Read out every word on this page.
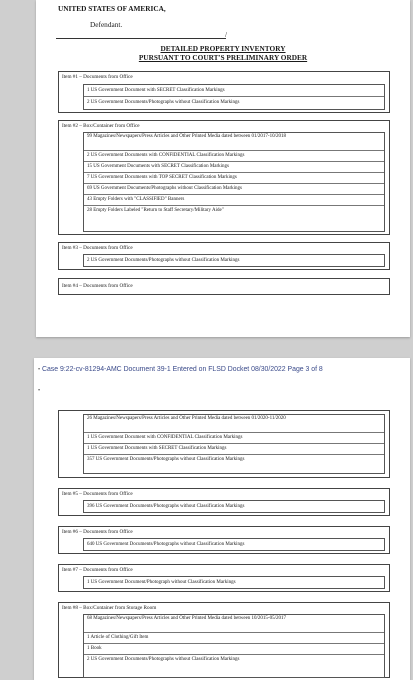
UNITED STATES OF AMERICA,
Defendant.
/
DETAILED PROPERTY INVENTORY
PURSUANT TO COURT'S PRELIMINARY ORDER
Item #1 – Documents from Office
1 US Government Document with SECRET Classification Markings
2 US Government Documents/Photographs without Classification Markings
Item #2 – Box/Container from Office
99 Magazines/Newspapers/Press Articles and Other Printed Media dated between 01/2017-10/2018
2 US Government Documents with CONFIDENTIAL Classification Markings
15 US Government Documents with SECRET Classification Markings
7 US Government Documents with TOP SECRET Classification Markings
69 US Government Documents/Photographs without Classification Markings
43 Empty Folders with "CLASSIFIED" Banners
28 Empty Folders Labeled "Return to Staff Secretary/Military Aide"
Item #3 – Documents from Office
2 US Government Documents/Photographs without Classification Markings
Item #4 – Documents from Office
•
•
Case 9:22-cv-81294-AMC Document 39-1 Entered on FLSD Docket 08/30/2022 Page 3 of 8
26 Magazines/Newspapers/Press Articles and Other Printed Media dated between 01/2020-11/2020
1 US Government Document with CONFIDENTIAL Classification Markings
1 US Government Documents with SECRET Classification Markings
357 US Government Documents/Photographs without Classification Markings
Item #5 – Documents from Office
396 US Government Documents/Photographs without Classification Markings
Item #6 – Documents from Office
640 US Government Documents/Photographs without Classification Markings
Item #7 – Documents from Office
1 US Government Document/Photograph without Classification Markings
Item #8 – Box/Container from Storage Room
68 Magazines/Newspapers/Press Articles and Other Printed Media dated between 10/2015-05/2017
1 Article of Clothing/Gift Item
1 Book
2 US Government Documents/Photographs without Classification Markings
